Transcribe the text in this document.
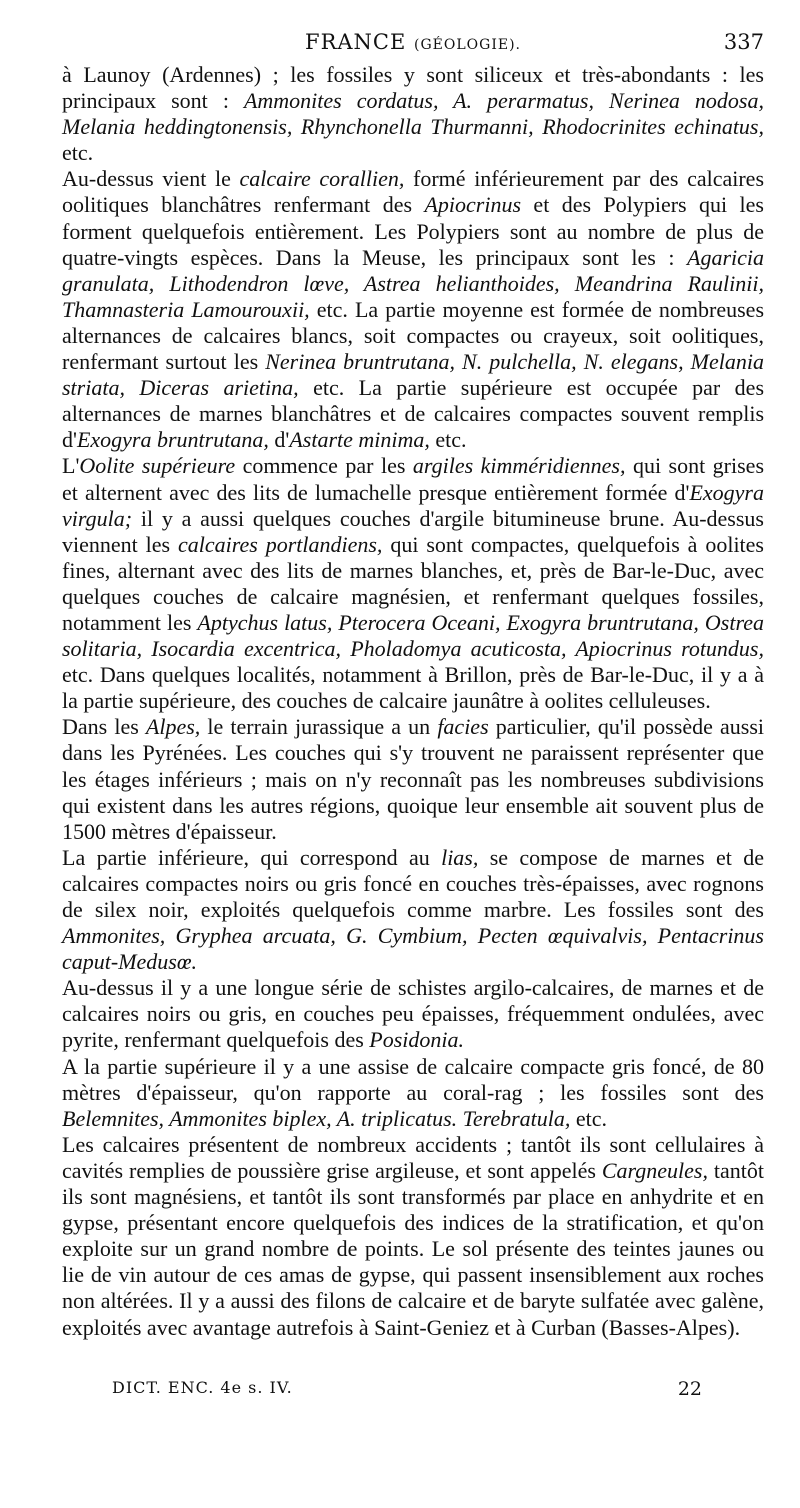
FRANCE (GÉOLOGIE).	337

à Launoy (Ardennes) ; les fossiles y sont siliceux et très-abondants : les principaux sont : Ammonites cordatus, A. perarmatus, Nerinea nodosa, Melania heddingtonensis, Rhynchonella Thurmanni, Rhodocrinites echinatus, etc.

Au-dessus vient le calcaire corallien, formé inférieurement par des calcaires oolitiques blanchâtres renfermant des Apiocrinus et des Polypiers qui les forment quelquefois entièrement. Les Polypiers sont au nombre de plus de quatre-vingts espèces. Dans la Meuse, les principaux sont les : Agaricia granulata, Lithodendron lœve, Astrea helianthoides, Meandrina Raulinii, Thamnasteria Lamourouxii, etc. La partie moyenne est formée de nombreuses alternances de calcaires blancs, soit compactes ou crayeux, soit oolitiques, renfermant surtout les Nerinea bruntrutana, N. pulchella, N. elegans, Melania striata, Diceras arietina, etc. La partie supérieure est occupée par des alternances de marnes blanchâtres et de calcaires compactes souvent remplis d'Exogyra bruntrutana, d'Astarte minima, etc.

L'Oolite supérieure commence par les argiles kimméridiennes, qui sont grises et alternent avec des lits de lumachelle presque entièrement formée d'Exogyra virgula; il y a aussi quelques couches d'argile bitumineuse brune. Au-dessus viennent les calcaires portlandiens, qui sont compactes, quelquefois à oolites fines, alternant avec des lits de marnes blanches, et, près de Bar-le-Duc, avec quelques couches de calcaire magnésien, et renfermant quelques fossiles, notamment les Aptychus latus, Pterocera Oceani, Exogyra bruntrutana, Ostrea solitaria, Isocardia excentrica, Pholadomya acuticosta, Apiocrinus rotundus, etc. Dans quelques localités, notamment à Brillon, près de Bar-le-Duc, il y a à la partie supérieure, des couches de calcaire jaunâtre à oolites celluleuses.

Dans les Alpes, le terrain jurassique a un facies particulier, qu'il possède aussi dans les Pyrénées. Les couches qui s'y trouvent ne paraissent représenter que les étages inférieurs ; mais on n'y reconnaît pas les nombreuses subdivisions qui existent dans les autres régions, quoique leur ensemble ait souvent plus de 1500 mètres d'épaisseur.

La partie inférieure, qui correspond au lias, se compose de marnes et de calcaires compactes noirs ou gris foncé en couches très-épaisses, avec rognons de silex noir, exploités quelquefois comme marbre. Les fossiles sont des Ammonites, Gryphea arcuata, G. Cymbium, Pecten œquivalvis, Pentacrinus caput-Medusœ.

Au-dessus il y a une longue série de schistes argilo-calcaires, de marnes et de calcaires noirs ou gris, en couches peu épaisses, fréquemment ondulées, avec pyrite, renfermant quelquefois des Posidonia.

A la partie supérieure il y a une assise de calcaire compacte gris foncé, de 80 mètres d'épaisseur, qu'on rapporte au coral-rag ; les fossiles sont des Belemnites, Ammonites biplex, A. triplicatus. Terebratula, etc.

Les calcaires présentent de nombreux accidents ; tantôt ils sont cellulaires à cavités remplies de poussière grise argileuse, et sont appelés Cargneules, tantôt ils sont magnésiens, et tantôt ils sont transformés par place en anhydrite et en gypse, présentant encore quelquefois des indices de la stratification, et qu'on exploite sur un grand nombre de points. Le sol présente des teintes jaunes ou lie de vin autour de ces amas de gypse, qui passent insensiblement aux roches non altérées. Il y a aussi des filons de calcaire et de baryte sulfatée avec galène, exploités avec avantage autrefois à Saint-Geniez et à Curban (Basses-Alpes).

DICT. ENC. 4e s. IV.	22
